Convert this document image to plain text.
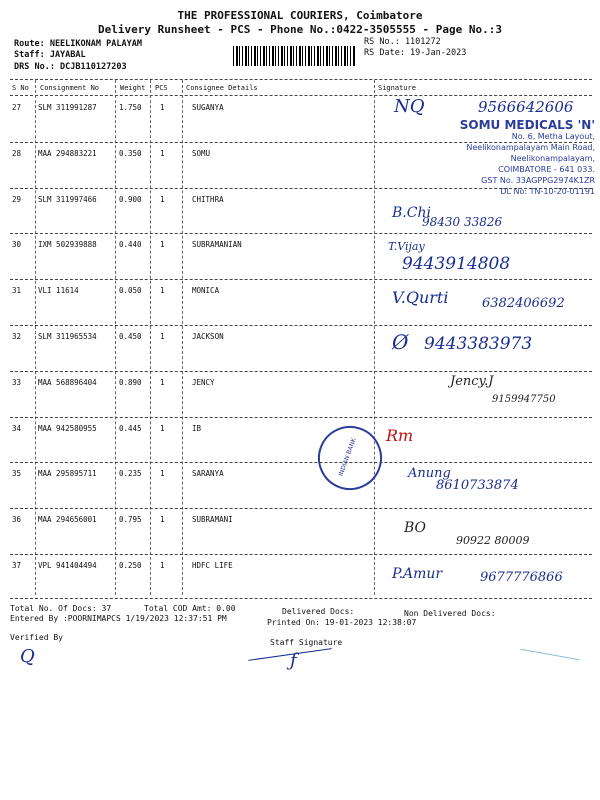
THE PROFESSIONAL COURIERS, Coimbatore
Delivery Runsheet - PCS - Phone No.:0422-3505555 - Page No.:3
Route: NEELIKONAM PALAYAM
Staff: JAYABAL
DRS No.: DCJB110127203
RS No.: 1101272
RS Date: 19-Jan-2023
S No Consignment No	Weight PCS	Consignee Details	Signature
27 SLM 311991287	1.750 1	SUGANYA
28 MAA 294883221	0.350 1	SOMU
29 SLM 311997466	0.900 1	CHITHRA
30 IXM 502939888	0.440 1	SUBRAMANIAN
31 VLI 11614	0.050 1	MONICA
32 SLM 311965534	0.450 1	JACKSON
33 MAA 568896404	0.890 1	JENCY
34 MAA 942580955	0.445 1	IB
35 MAA 295895711	0.235 1	SARANYA
36 MAA 294656001	0.795 1	SUBRAMANI
37 VPL 941404494	0.250 1	HDFC LIFE
SOMU MEDICALS 'N'
No. 6, Metha Layout,
Neelikonampalayam Main Road,
Neelikonampalayam,
COIMBATORE - 641 033.
GST No. 33AGPPG2974K1ZR
DL No: TN-10-20-01191
NQ	9566642606
B.Chi
98430 33826
T.Vijay
9443914808
V.Qurti	6382406692
Ø 9443383973
Jency.J
9159947750
INDIAN BANK
Rm
Anung
8610733874
BO
90922 80009
P.Amur	9677776866
Total No. Of Docs: 37	Total COD Amt: 0.00	Delivered Docs:	Non Delivered Docs:
Entered By :POORNIMAPCS 1/19/2023 12:37:51 PM	Printed On: 19-01-2023 12:38:07
Verified By
Staff Signature
Q	ƒ
